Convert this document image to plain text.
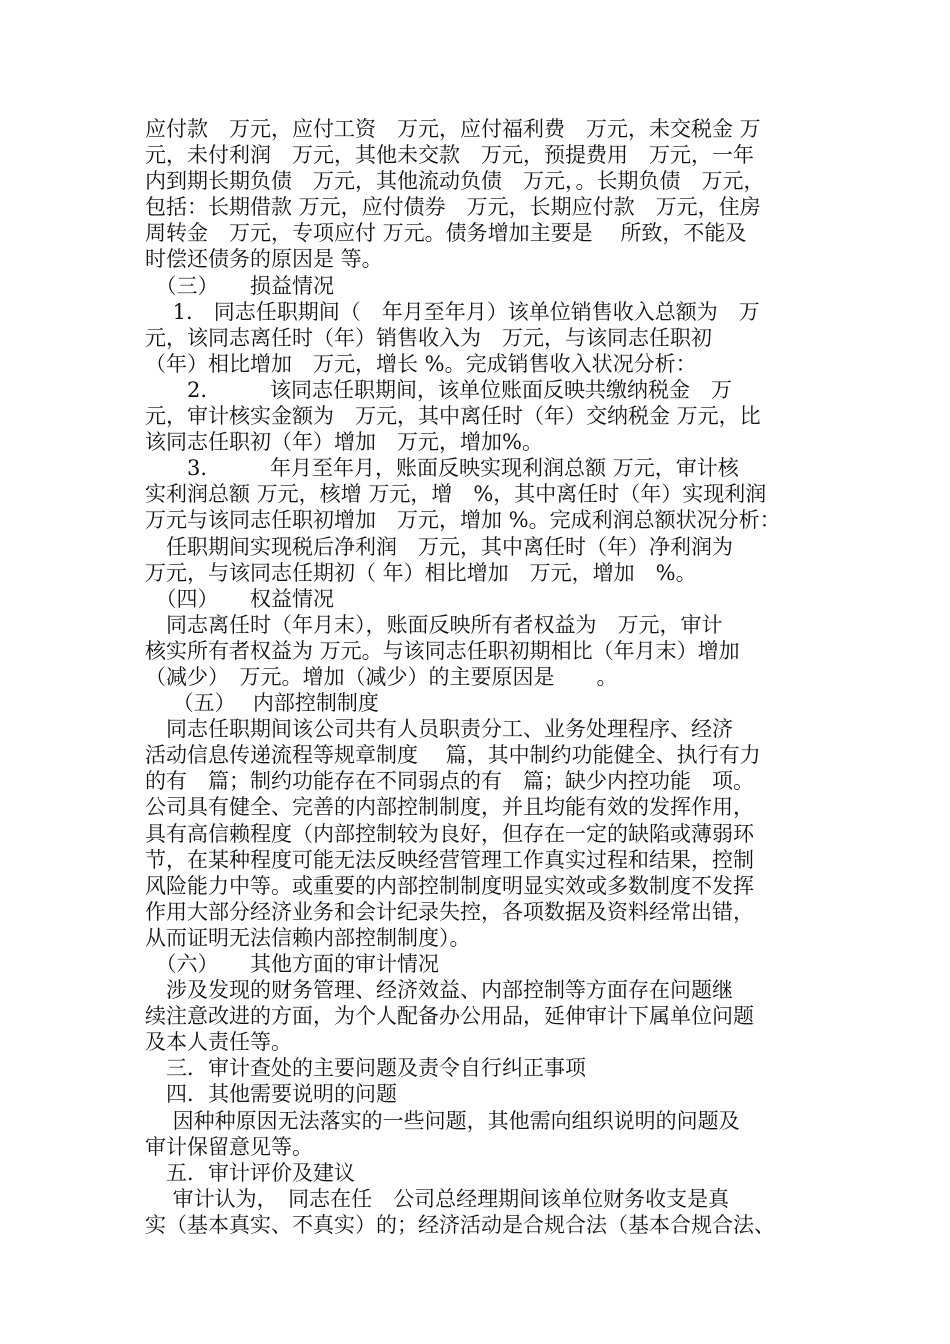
应付款　万元，应付工资　万元，应付福利费　万元，未交税金 万
元，未付利润　万元，其他未交款　万元，预提费用　万元，一年
内到期长期负债　万元，其他流动负债　万元，。长期负债　万元，
包括：长期借款 万元，应付债券　万元，长期应付款　万元，住房
周转金　万元，专项应付 万元。债务增加主要是　 所致，不能及
时偿还债务的原因是 等。
　（三）　　损益情况
　 1.　同志任职期间（　年月至年月）该单位销售收入总额为　万
元，该同志离任时（年）销售收入为　万元，与该同志任职初
（年）相比增加　万元，增长 %。完成销售收入状况分析：
　　2.　　　该同志任职期间，该单位账面反映共缴纳税金　万
元，审计核实金额为　万元，其中离任时（年）交纳税金 万元，比
该同志任职初（年）增加　万元，增加%。
　　3.　　　年月至年月，账面反映实现利润总额 万元，审计核
实利润总额 万元，核增 万元，增　%，其中离任时（年）实现利润
万元与该同志任职初增加　万元，增加 %。完成利润总额状况分析：
　任职期间实现税后净利润　万元，其中离任时（年）净利润为
万元，与该同志任期初（ 年）相比增加　万元，增加　%。
　（四）　　权益情况
　同志离任时（年月末），账面反映所有者权益为　万元，审计
核实所有者权益为 万元。与该同志任职初期相比（年月末）增加
（减少）　万元。增加（减少）的主要原因是　　。
　 （五）　 内部控制制度
　同志任职期间该公司共有人员职责分工、业务处理程序、经济
活动信息传递流程等规章制度　 篇，其中制约功能健全、执行有力
的有　篇；制约功能存在不同弱点的有　篇；缺少内控功能　项。
公司具有健全、完善的内部控制制度，并且均能有效的发挥作用，
具有高信赖程度（内部控制较为良好，但存在一定的缺陷或薄弱环
节，在某种程度可能无法反映经营管理工作真实过程和结果，控制
风险能力中等。或重要的内部控制制度明显实效或多数制度不发挥
作用大部分经济业务和会计纪录失控，各项数据及资料经常出错，
从而证明无法信赖内部控制制度）。
　（六）　　其他方面的审计情况
　涉及发现的财务管理、经济效益、内部控制等方面存在问题继
续注意改进的方面，为个人配备办公用品，延伸审计下属单位问题
及本人责任等。
　三．审计查处的主要问题及责令自行纠正事项
　四．其他需要说明的问题
　 因种种原因无法落实的一些问题，其他需向组织说明的问题及
审计保留意见等。
　五．审计评价及建议
　 审计认为，　同志在任　公司总经理期间该单位财务收支是真
实（基本真实、不真实）的；经济活动是合规合法（基本合规合法、
